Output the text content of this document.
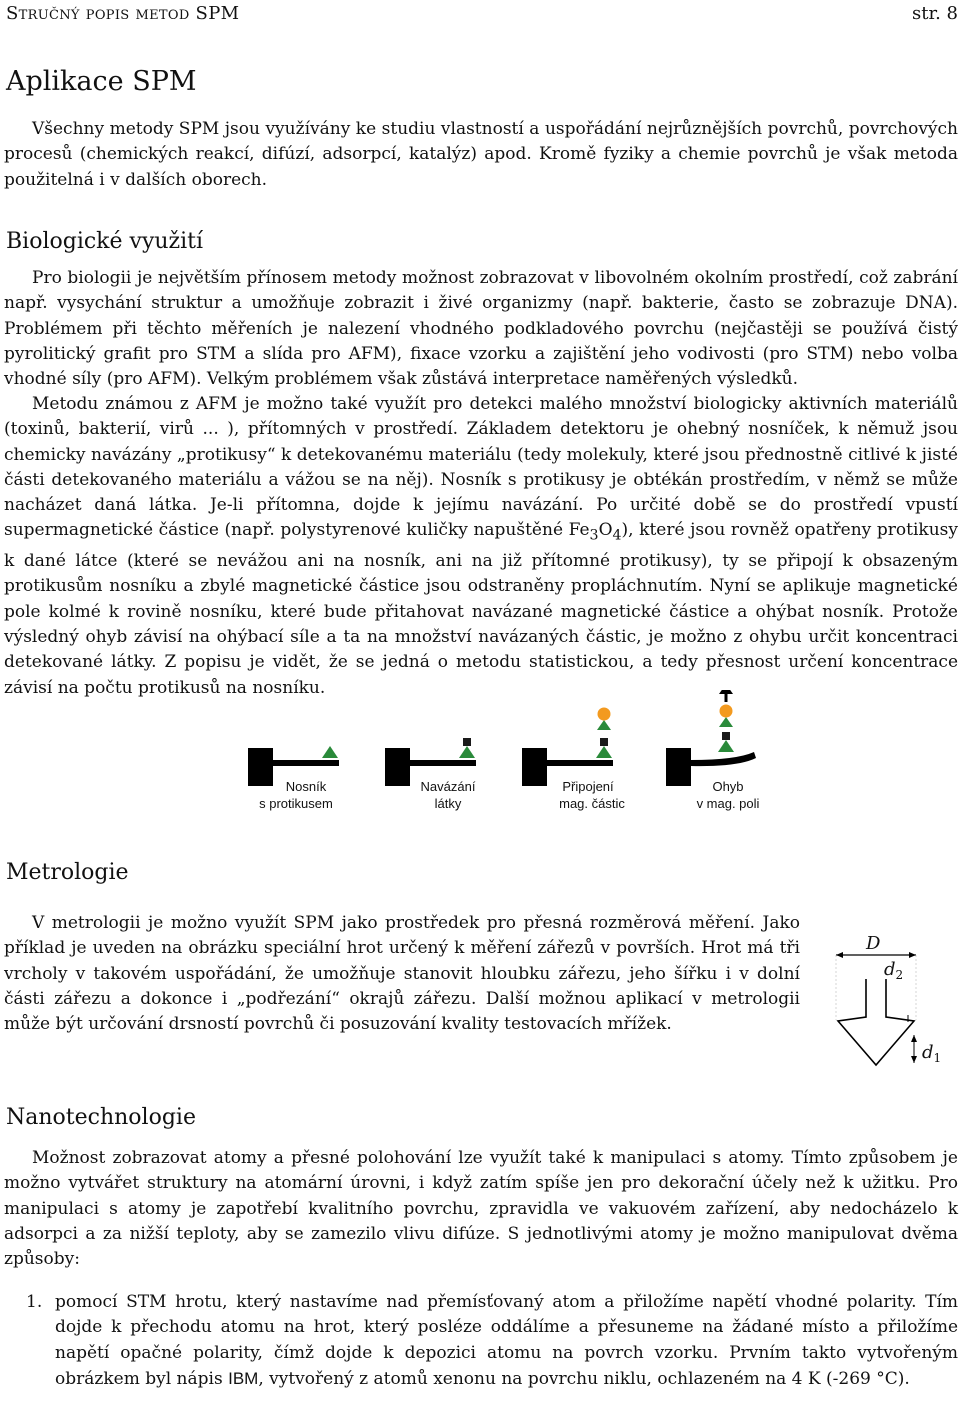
Stručný popis metod SPM	str. 8
Aplikace SPM

Všechny metody SPM jsou využívány ke studiu vlastností a uspořádání nejrůznějších povrchů, povrchových procesů (chemických reakcí, difúzí, adsorpcí, katalýz) apod. Kromě fyziky a chemie povrchů je však metoda použitelná i v dalších oborech.

Biologické využití

Pro biologii je největším přínosem metody možnost zobrazovat v libovolném okolním prostředí, což zabrání např. vysychání struktur a umožňuje zobrazit i živé organizmy (např. bakterie, často se zobrazuje DNA). Problémem při těchto měřeních je nalezení vhodného podkladového povrchu (nejčastěji se používá čistý pyrolitický grafit pro STM a slída pro AFM), fixace vzorku a zajištění jeho vodivosti (pro STM) nebo volba vhodné síly (pro AFM). Velkým problémem však zůstává interpretace naměřených výsledků.

Metodu známou z AFM je možno také využít pro detekci malého množství biologicky aktivních materiálů (toxinů, bakterií, virů ... ), přítomných v prostředí. Základem detektoru je ohebný nosníček, k němuž jsou chemicky navázány „protikusy“ k detekovanému materiálu (tedy molekuly, které jsou přednostně citlivé k jisté části detekovaného materiálu a vážou se na něj). Nosník s protikusy je obtékán prostředím, v němž se může nacházet daná látka. Je-li přítomna, dojde k jejímu navázání. Po určité době se do prostředí vpustí supermagnetické částice (např. polystyrenové kuličky napuštěné $Fe_3O_4$), které jsou rovněž opatřeny protikusy k dané látce (které se nevážou ani na nosník, ani na již přítomné protikusy), ty se připojí k obsazeným protikusům nosníku a zbylé magnetické částice jsou odstraněny propláchnutím. Nyní se aplikuje magnetické pole kolmé k rovině nosníku, které bude přitahovat navázané magnetické částice a ohýbat nosník. Protože výsledný ohyb závisí na ohýbací síle a ta na množství navázaných částic, je možno z ohybu určit koncentraci detekované látky. Z popisu je vidět, že se jedná o metodu statistickou, a tedy přesnost určení koncentrace závisí na počtu protikusů na nosníku.

Nosník
s protikusem
Navázání
látky
Připojení
mag. částic
Ohyb
v mag. poli
Metrologie

V metrologii je možno využít SPM jako prostředek pro přesná rozměrová měření. Jako příklad je uveden na obrázku speciální hrot určený k měření zářezů v površích. Hrot má tři vrcholy v takovém uspořádání, že umožňuje stanovit hloubku zářezu, jeho šířku i v dolní části zářezu a dokonce i „podřezání“ okrajů zářezu. Další možnou aplikací v metrologii může být určování drsností povrchů či posuzování kvality testovacích mřížek.

D
$d_2$
$d_1$
Nanotechnologie

Možnost zobrazovat atomy a přesné polohování lze využít také k manipulaci s atomy. Tímto způsobem je možno vytvářet struktury na atomární úrovni, i když zatím spíše jen pro dekorační účely než k užitku. Pro manipulaci s atomy je zapotřebí kvalitního povrchu, zpravidla ve vakuovém zařízení, aby nedocházelo k adsorpci a za nižší teploty, aby se zamezilo vlivu difúze. S jednotlivými atomy je možno manipulovat dvěma způsoby:

1. pomocí STM hrotu, který nastavíme nad přemísťovaný atom a přiložíme napětí vhodné polarity. Tím dojde k přechodu atomu na hrot, který posléze oddálíme a přesuneme na žádané místo a přiložíme napětí opačné polarity, čímž dojde k depozici atomu na povrch vzorku. Prvním takto vytvořeným obrázkem byl nápis IBM, vytvořený z atomů xenonu na povrchu niklu, ochlazeném na 4 K (-269 °C).
